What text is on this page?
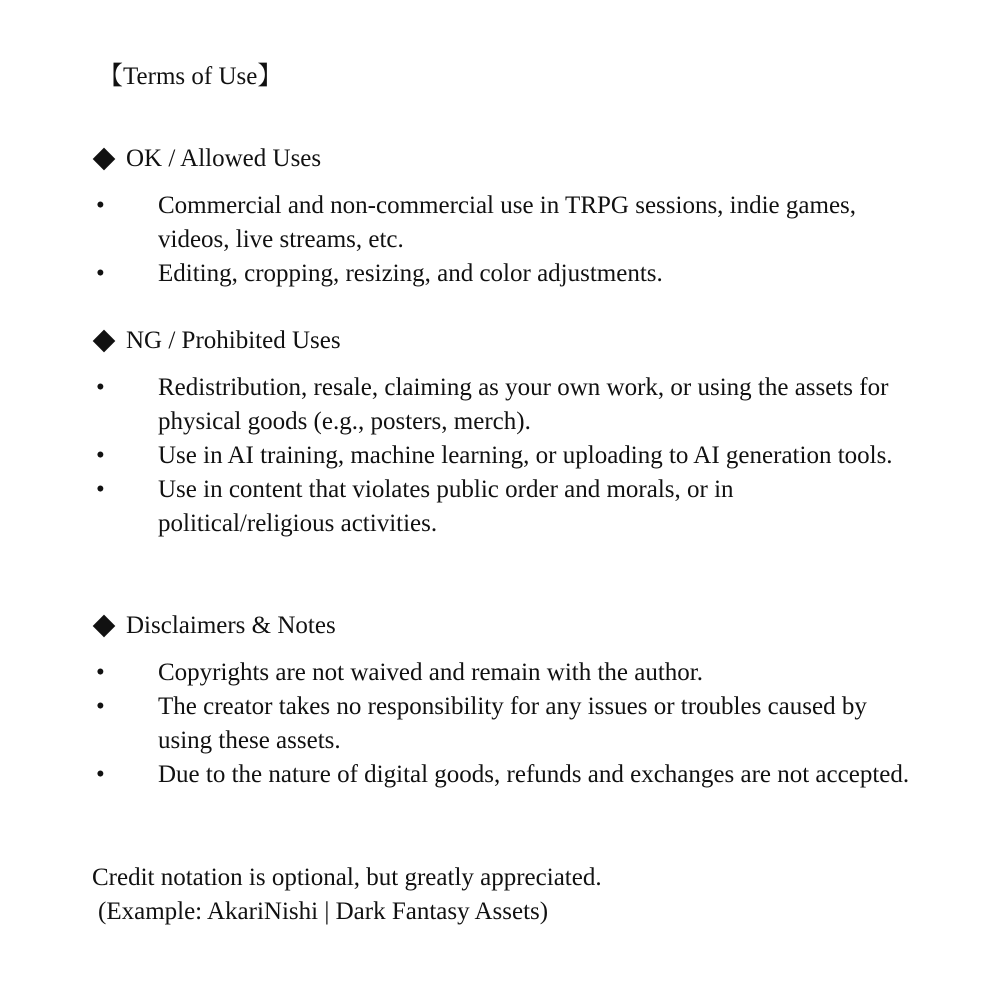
【Terms of Use】
OK / Allowed Uses
•	Commercial and non-commercial use in TRPG sessions, indie games, videos, live streams, etc.
•	Editing, cropping, resizing, and color adjustments.
NG / Prohibited Uses
•	Redistribution, resale, claiming as your own work, or using the assets for physical goods (e.g., posters, merch).
•	Use in AI training, machine learning, or uploading to AI generation tools.
•	Use in content that violates public order and morals, or in political/religious activities.
Disclaimers & Notes
•	Copyrights are not waived and remain with the author.
•	The creator takes no responsibility for any issues or troubles caused by using these assets.
•	Due to the nature of digital goods, refunds and exchanges are not accepted.
Credit notation is optional, but greatly appreciated.
(Example: AkariNishi | Dark Fantasy Assets)
